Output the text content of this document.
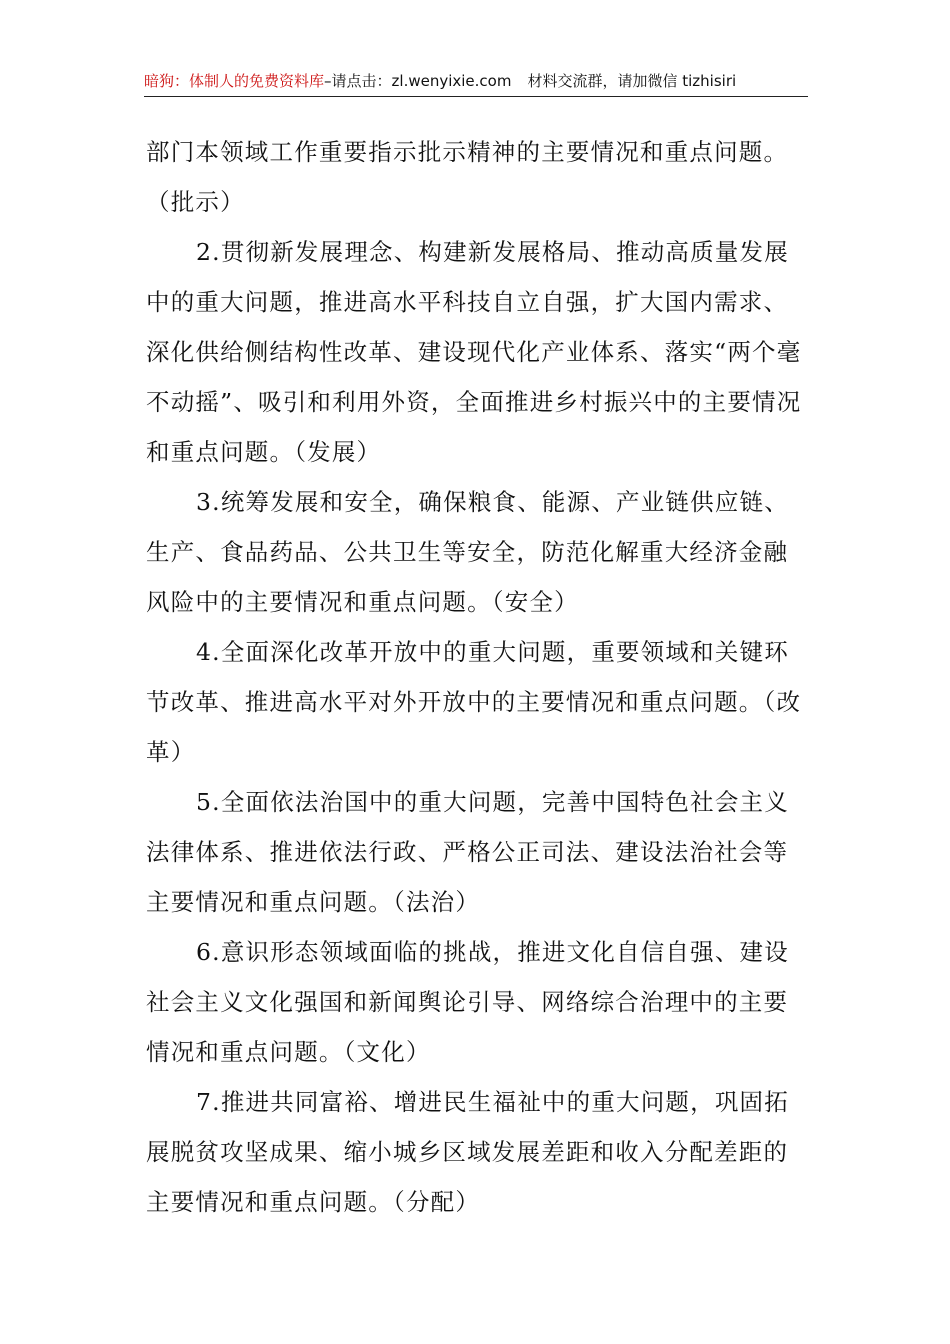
暗狗：体制人的免费资料库–请点击：zl.wenyixie.com 材料交流群，请加微信 tizhisiri

部门本领域工作重要指示批示精神的主要情况和重点问题。（批示）

2.贯彻新发展理念、构建新发展格局、推动高质量发展中的重大问题，推进高水平科技自立自强，扩大国内需求、深化供给侧结构性改革、建设现代化产业体系、落实“两个毫不动摇”、吸引和利用外资，全面推进乡村振兴中的主要情况和重点问题。（发展）

3.统筹发展和安全，确保粮食、能源、产业链供应链、生产、食品药品、公共卫生等安全，防范化解重大经济金融风险中的主要情况和重点问题。（安全）

4.全面深化改革开放中的重大问题，重要领域和关键环节改革、推进高水平对外开放中的主要情况和重点问题。（改革）

5.全面依法治国中的重大问题，完善中国特色社会主义法律体系、推进依法行政、严格公正司法、建设法治社会等主要情况和重点问题。（法治）

6.意识形态领域面临的挑战，推进文化自信自强、建设社会主义文化强国和新闻舆论引导、网络综合治理中的主要情况和重点问题。（文化）

7.推进共同富裕、增进民生福祉中的重大问题，巩固拓展脱贫攻坚成果、缩小城乡区域发展差距和收入分配差距的主要情况和重点问题。（分配）
